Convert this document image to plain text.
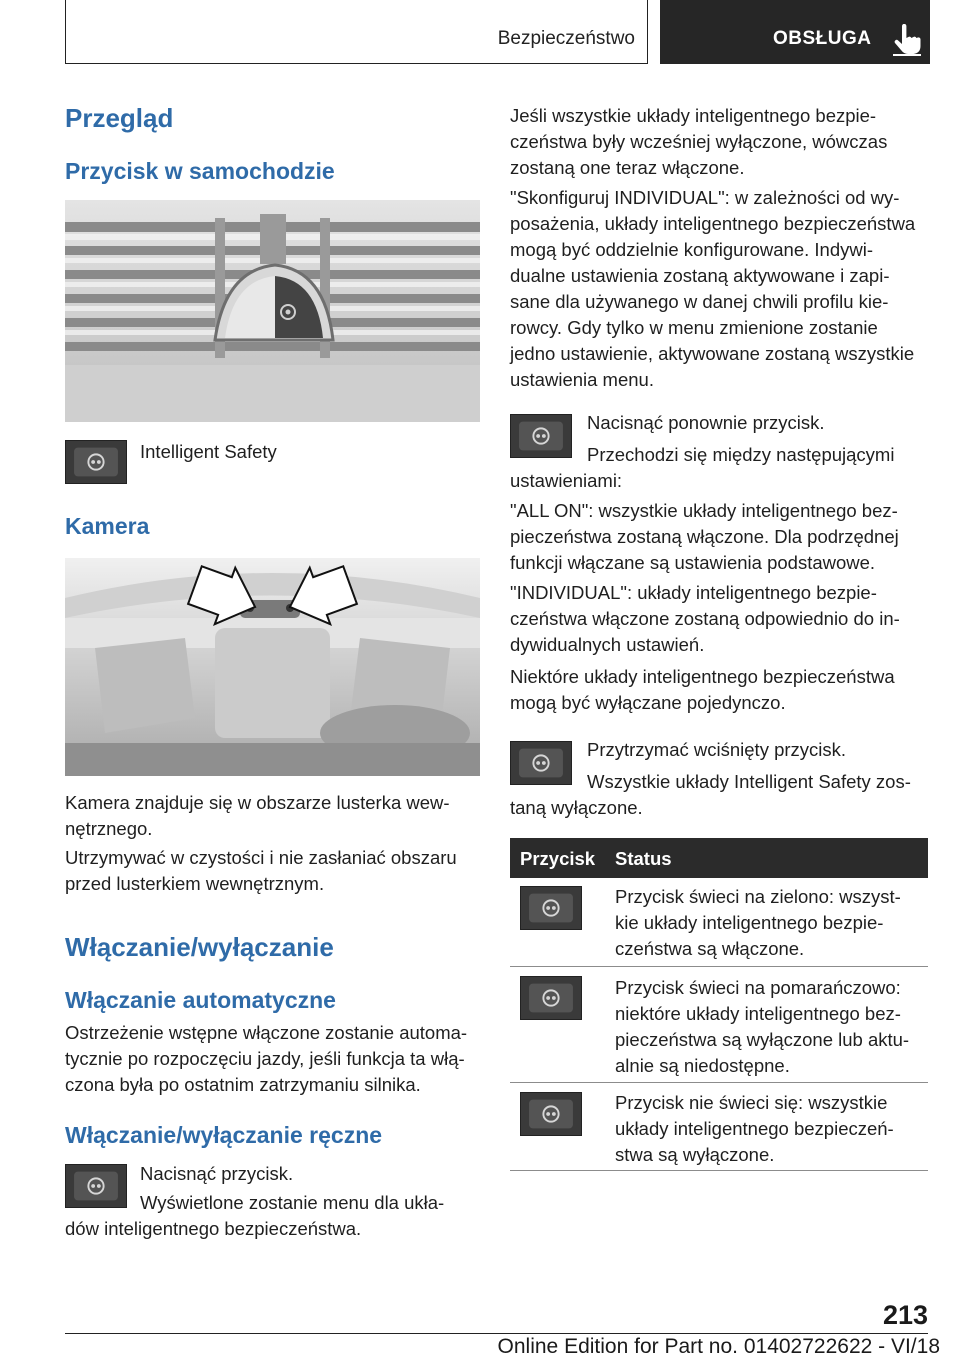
Bezpieczeństwo	OBSŁUGA
Przegląd
Przycisk w samochodzie
Intelligent Safety
Kamera
Kamera znajduje się w obszarze lusterka wew-
nętrznego.
Utrzymywać w czystości i nie zasłaniać obszaru
przed lusterkiem wewnętrznym.
Włączanie/wyłączanie
Włączanie automatyczne
Ostrzeżenie wstępne włączone zostanie automa-
tycznie po rozpoczęciu jazdy, jeśli funkcja ta włą-
czona była po ostatnim zatrzymaniu silnika.
Włączanie/wyłączanie ręczne
Nacisnąć przycisk.
Wyświetlone zostanie menu dla ukła-
dów inteligentnego bezpieczeństwa.
Jeśli wszystkie układy inteligentnego bezpie-
czeństwa były wcześniej wyłączone, wówczas
zostaną one teraz włączone.
"Skonfiguruj INDIVIDUAL": w zależności od wy-
posażenia, układy inteligentnego bezpieczeństwa
mogą być oddzielnie konfigurowane. Indywi-
dualne ustawienia zostaną aktywowane i zapi-
sane dla używanego w danej chwili profilu kie-
rowcy. Gdy tylko w menu zmienione zostanie
jedno ustawienie, aktywowane zostaną wszystkie
ustawienia menu.
Nacisnąć ponownie przycisk.
Przechodzi się między następującymi
ustawieniami:
"ALL ON": wszystkie układy inteligentnego bez-
pieczeństwa zostaną włączone. Dla podrzędnej
funkcji włączane są ustawienia podstawowe.
"INDIVIDUAL": układy inteligentnego bezpie-
czeństwa włączone zostaną odpowiednio do in-
dywidualnych ustawień.
Niektóre układy inteligentnego bezpieczeństwa
mogą być wyłączane pojedynczo.
Przytrzymać wciśnięty przycisk.
Wszystkie układy Intelligent Safety zos-
taną wyłączone.
Przycisk Status
Przycisk świeci na zielono: wszyst-
kie układy inteligentnego bezpie-
czeństwa są włączone.
Przycisk świeci na pomarańczowo:
niektóre układy inteligentnego bez-
pieczeństwa są wyłączone lub aktu-
alnie są niedostępne.
Przycisk nie świeci się: wszystkie
układy inteligentnego bezpieczeń-
stwa są wyłączone.
213
Online Edition for Part no. 01402722622 - VI/18
